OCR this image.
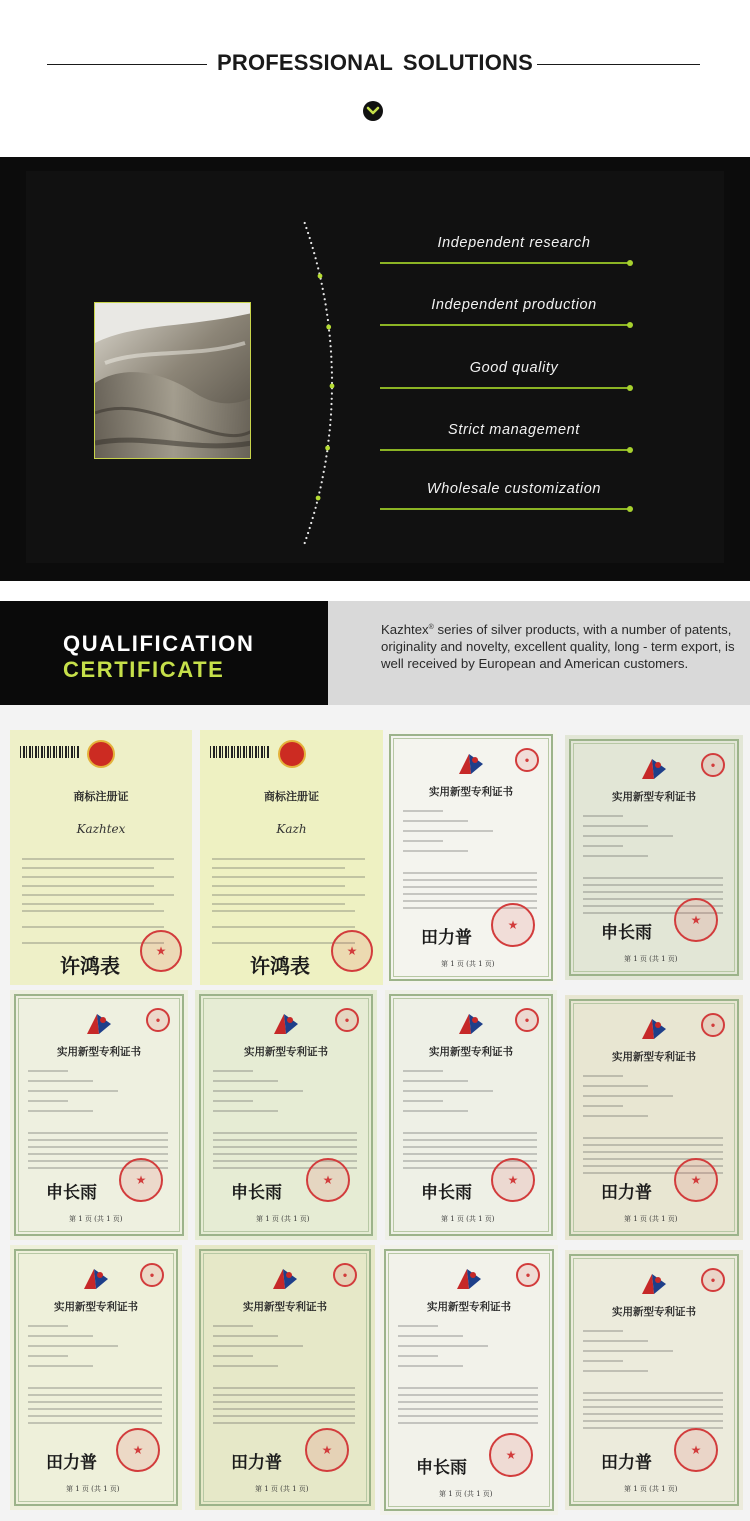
PROFESSIONAL SOLUTIONS
Independent research
Independent production
Good quality
Strict management
Wholesale customization
QUALIFICATION
CERTIFICATE
Kazhtex® series of silver products, with a number of patents, originality and novelty, excellent quality, long - term export, is well received by European and American customers.
商标注册证
Kazhtex
许鸿表
★
商标注册证
Kazh
许鸿表
★
●
实用新型专利证书
田力普
★
第 1 页 (共 1 页)
●
实用新型专利证书
申长雨
★
第 1 页 (共 1 页)
●
实用新型专利证书
申长雨
★
第 1 页 (共 1 页)
●
实用新型专利证书
申长雨
★
第 1 页 (共 1 页)
●
实用新型专利证书
申长雨
★
第 1 页 (共 1 页)
●
实用新型专利证书
田力普
★
第 1 页 (共 1 页)
●
实用新型专利证书
田力普
★
第 1 页 (共 1 页)
●
实用新型专利证书
田力普
★
第 1 页 (共 1 页)
●
实用新型专利证书
申长雨
★
第 1 页 (共 1 页)
●
实用新型专利证书
田力普
★
第 1 页 (共 1 页)
